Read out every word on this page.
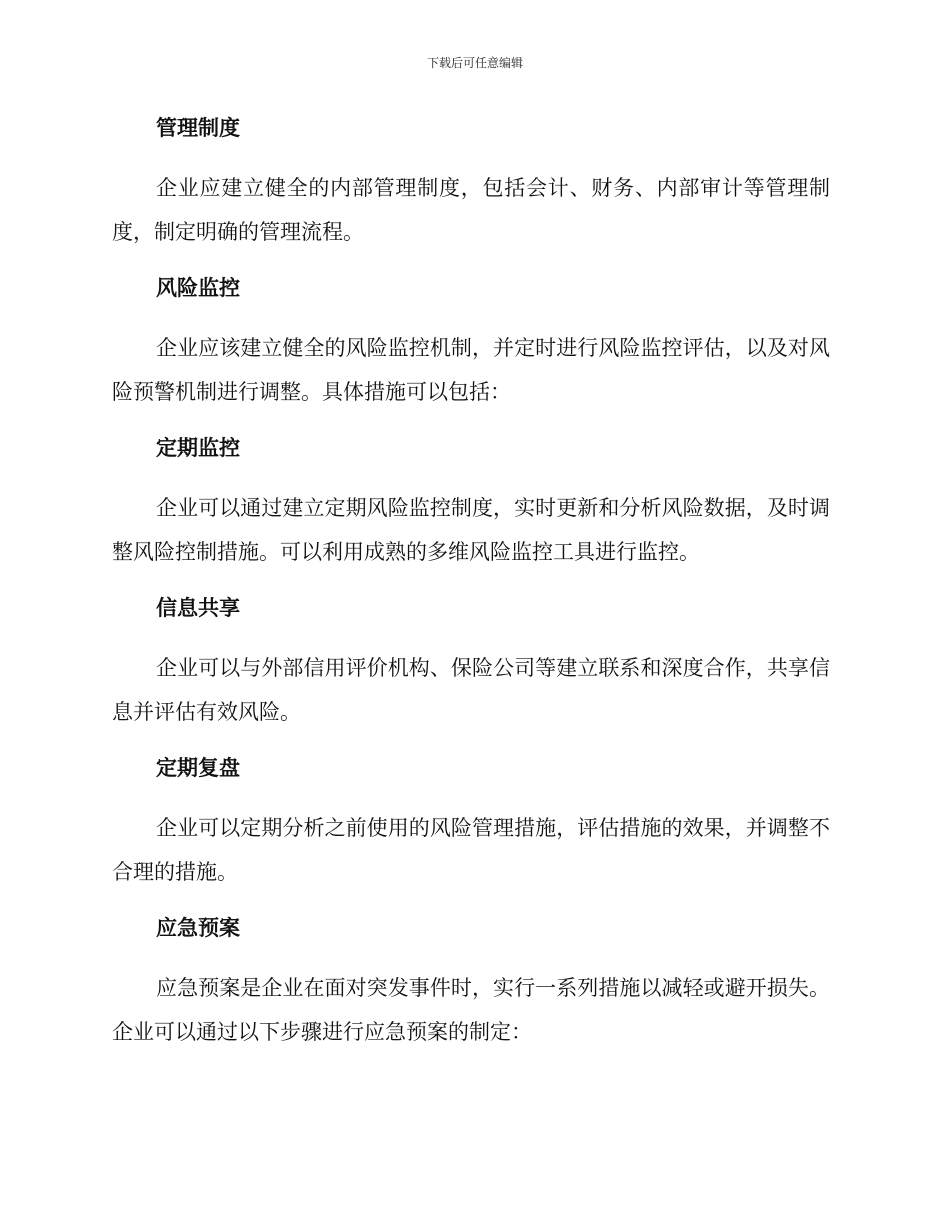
下载后可任意编辑
管理制度

企业应建立健全的内部管理制度，包括会计、财务、内部审计等管理制度，制定明确的管理流程。

风险监控

企业应该建立健全的风险监控机制，并定时进行风险监控评估，以及对风险预警机制进行调整。具体措施可以包括：

定期监控

企业可以通过建立定期风险监控制度，实时更新和分析风险数据，及时调整风险控制措施。可以利用成熟的多维风险监控工具进行监控。

信息共享

企业可以与外部信用评价机构、保险公司等建立联系和深度合作，共享信息并评估有效风险。

定期复盘

企业可以定期分析之前使用的风险管理措施，评估措施的效果，并调整不合理的措施。

应急预案

应急预案是企业在面对突发事件时，实行一系列措施以减轻或避开损失。企业可以通过以下步骤进行应急预案的制定：
